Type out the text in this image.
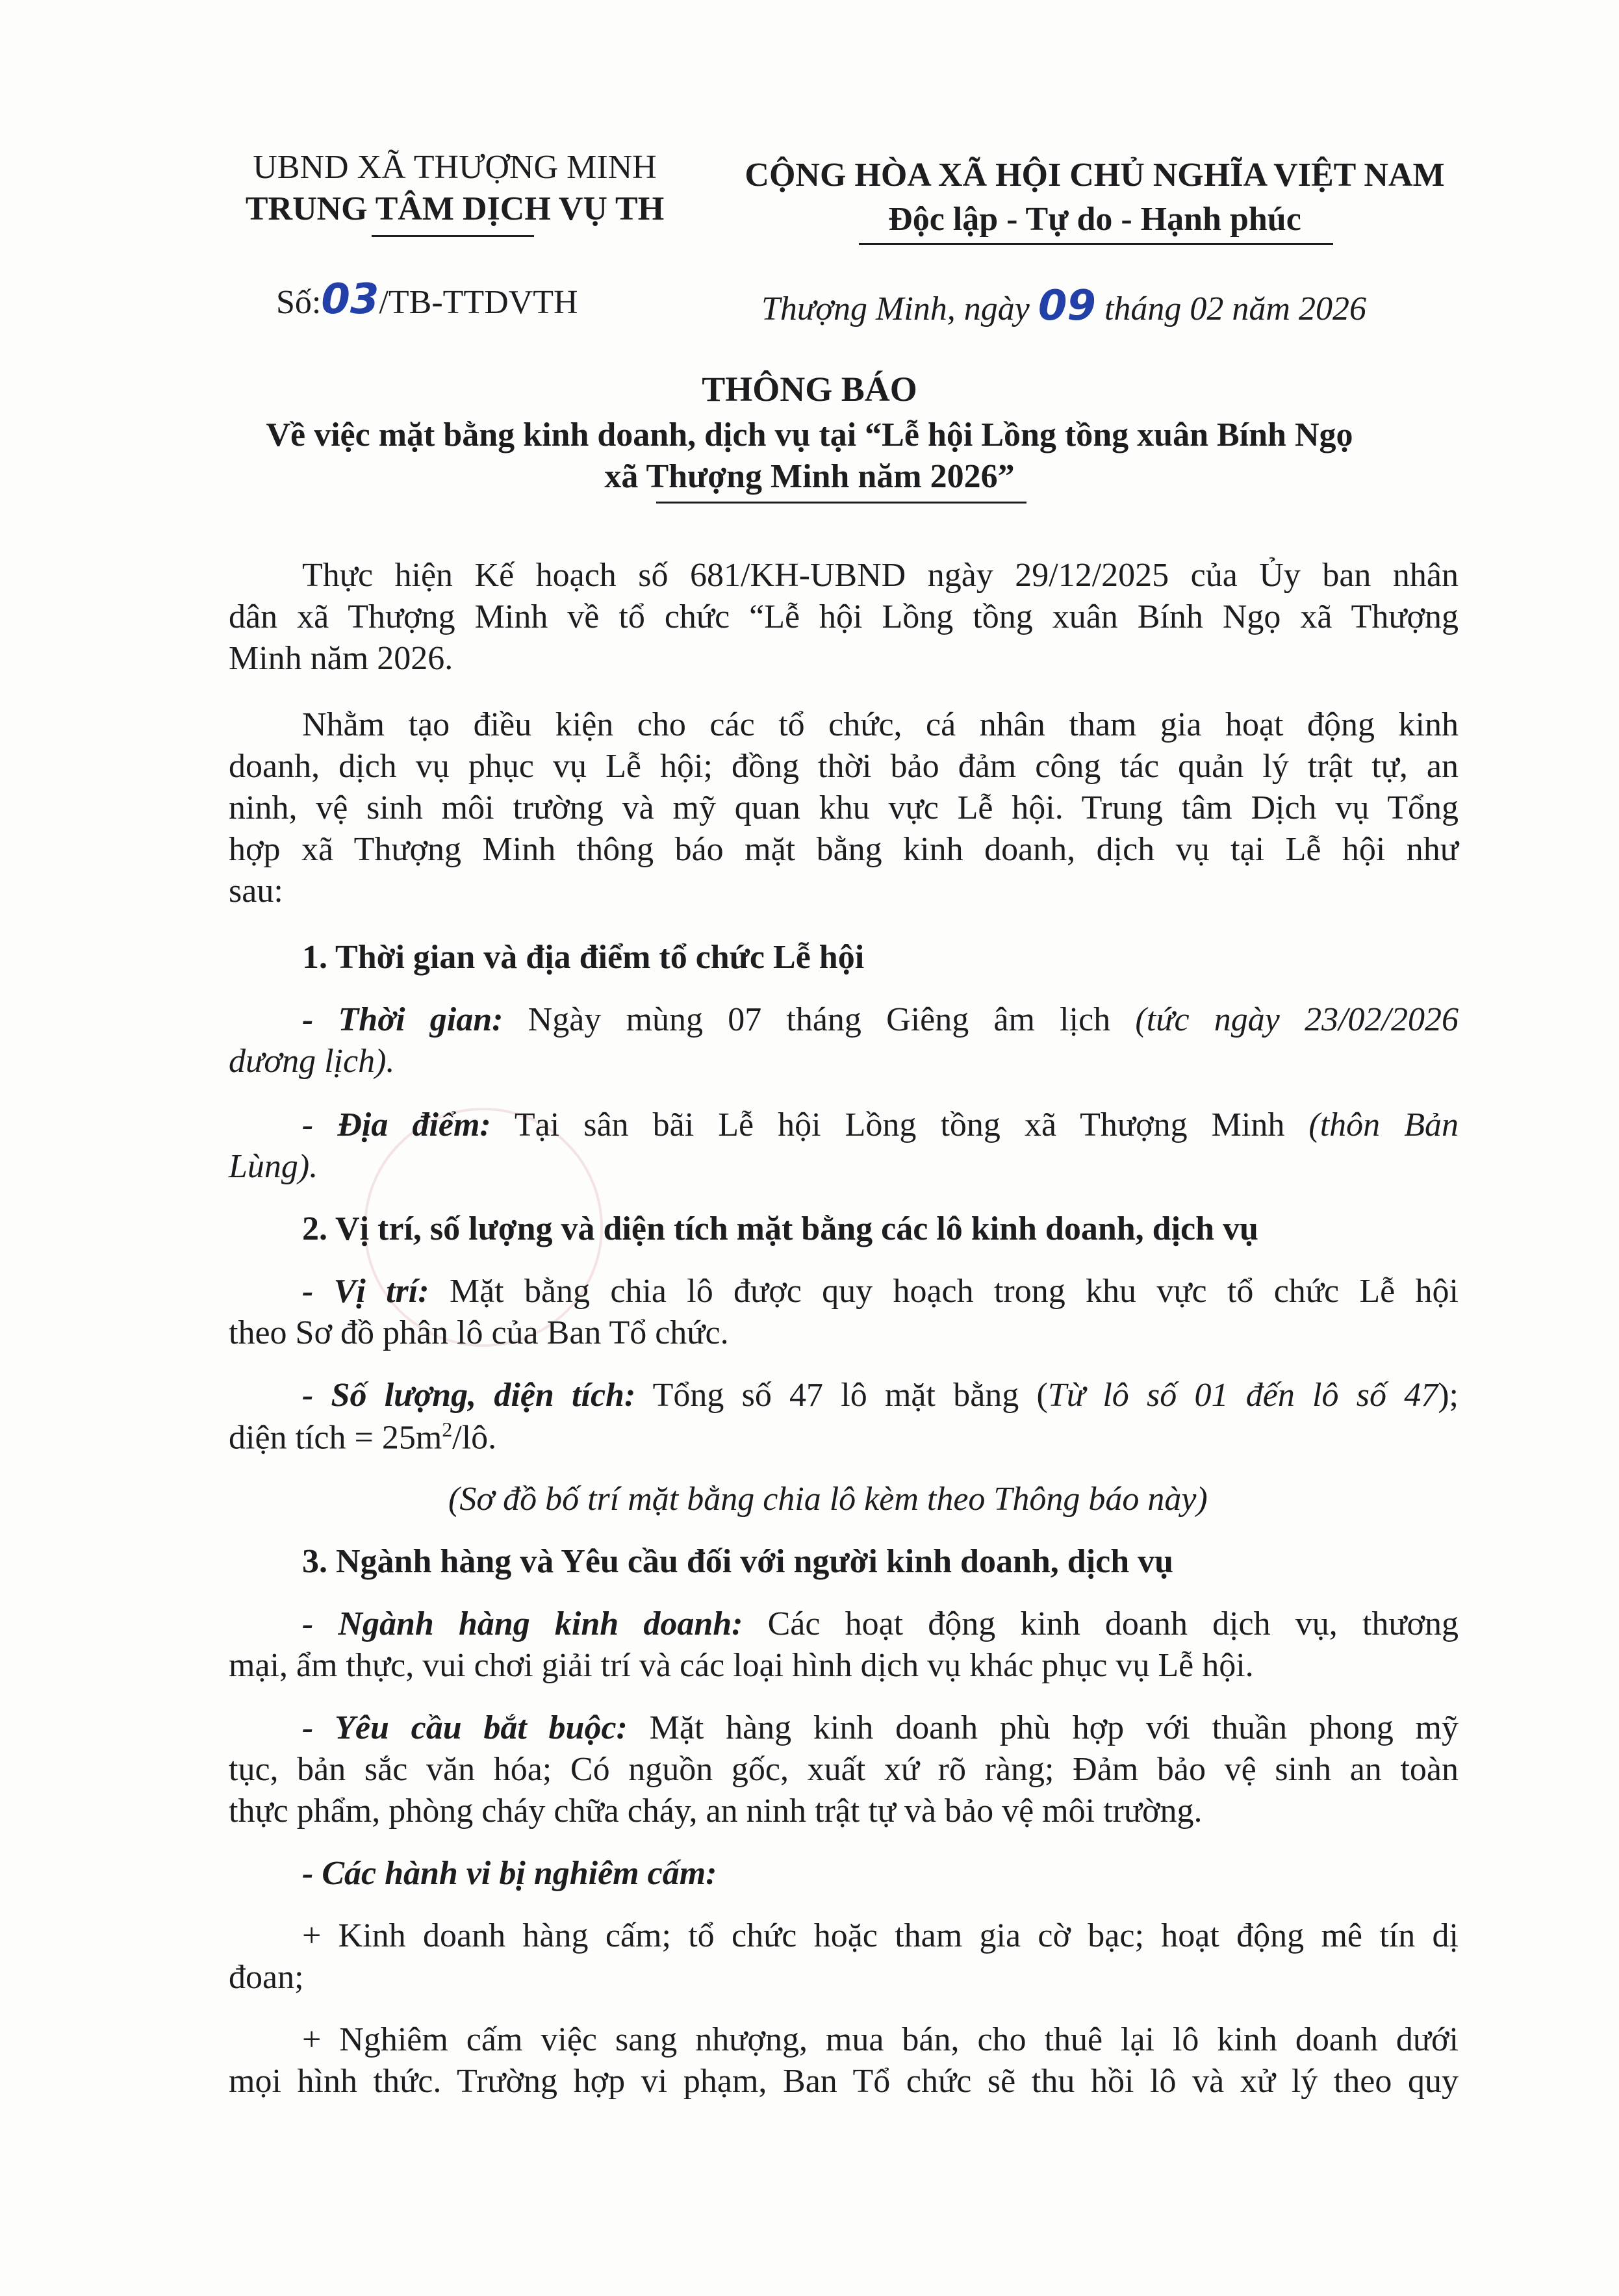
UBND XÃ THƯỢNG MINH
TRUNG TÂM DỊCH VỤ TH
CỘNG HÒA XÃ HỘI CHỦ NGHĨA VIỆT NAM
Độc lập - Tự do - Hạnh phúc
Số:03/TB-TTDVTH	Thượng Minh, ngày 09 tháng 02 năm 2026
THÔNG BÁO
Về việc mặt bằng kinh doanh, dịch vụ tại “Lễ hội Lồng tồng xuân Bính Ngọ
xã Thượng Minh năm 2026”

Thực hiện Kế hoạch số 681/KH-UBND ngày 29/12/2025 của Ủy ban nhân

dân xã Thượng Minh về tổ chức “Lễ hội Lồng tồng xuân Bính Ngọ xã Thượng

Minh năm 2026.

Nhằm tạo điều kiện cho các tổ chức, cá nhân tham gia hoạt động kinh

doanh, dịch vụ phục vụ Lễ hội; đồng thời bảo đảm công tác quản lý trật tự, an

ninh, vệ sinh môi trường và mỹ quan khu vực Lễ hội. Trung tâm Dịch vụ Tổng

hợp xã Thượng Minh thông báo mặt bằng kinh doanh, dịch vụ tại Lễ hội như

sau:

1. Thời gian và địa điểm tổ chức Lễ hội

- Thời gian: Ngày mùng 07 tháng Giêng âm lịch (tức ngày 23/02/2026

dương lịch).

- Địa điểm: Tại sân bãi Lễ hội Lồng tồng xã Thượng Minh (thôn Bản

Lùng).

2. Vị trí, số lượng và diện tích mặt bằng các lô kinh doanh, dịch vụ

- Vị trí: Mặt bằng chia lô được quy hoạch trong khu vực tổ chức Lễ hội

theo Sơ đồ phân lô của Ban Tổ chức.

- Số lượng, diện tích: Tổng số 47 lô mặt bằng (Từ lô số 01 đến lô số 47);

diện tích = $25m^2/lô$.

(Sơ đồ bố trí mặt bằng chia lô kèm theo Thông báo này)

3. Ngành hàng và Yêu cầu đối với người kinh doanh, dịch vụ

- Ngành hàng kinh doanh: Các hoạt động kinh doanh dịch vụ, thương

mại, ẩm thực, vui chơi giải trí và các loại hình dịch vụ khác phục vụ Lễ hội.

- Yêu cầu bắt buộc: Mặt hàng kinh doanh phù hợp với thuần phong mỹ

tục, bản sắc văn hóa; Có nguồn gốc, xuất xứ rõ ràng; Đảm bảo vệ sinh an toàn

thực phẩm, phòng cháy chữa cháy, an ninh trật tự và bảo vệ môi trường.

- Các hành vi bị nghiêm cấm:

+ Kinh doanh hàng cấm; tổ chức hoặc tham gia cờ bạc; hoạt động mê tín dị

đoan;

+ Nghiêm cấm việc sang nhượng, mua bán, cho thuê lại lô kinh doanh dưới

mọi hình thức. Trường hợp vi phạm, Ban Tổ chức sẽ thu hồi lô và xử lý theo quy
